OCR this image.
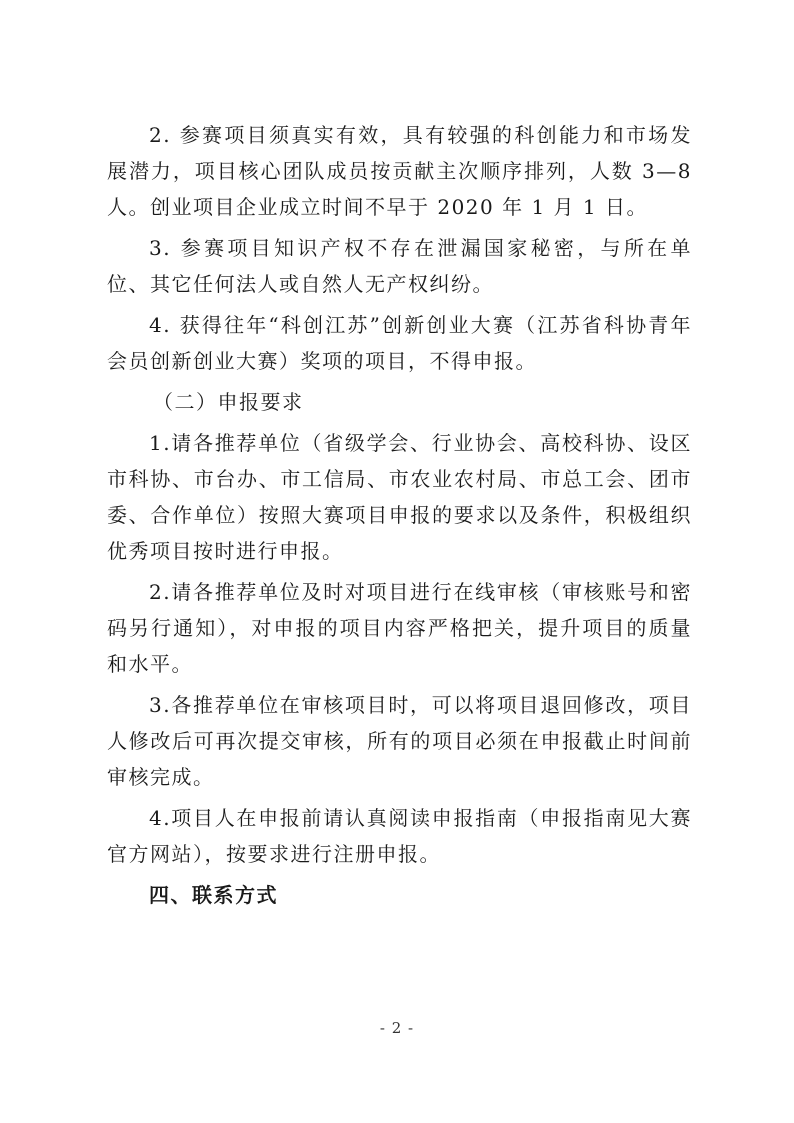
2. 参赛项目须真实有效，具有较强的科创能力和市场发展潜力，项目核心团队成员按贡献主次顺序排列，人数 3—8 人。创业项目企业成立时间不早于 2020 年 1 月 1 日。

3. 参赛项目知识产权不存在泄漏国家秘密，与所在单位、其它任何法人或自然人无产权纠纷。

4. 获得往年“科创江苏”创新创业大赛（江苏省科协青年会员创新创业大赛）奖项的项目，不得申报。

（二）申报要求

1.请各推荐单位（省级学会、行业协会、高校科协、设区市科协、市台办、市工信局、市农业农村局、市总工会、团市委、合作单位）按照大赛项目申报的要求以及条件，积极组织优秀项目按时进行申报。

2.请各推荐单位及时对项目进行在线审核（审核账号和密码另行通知），对申报的项目内容严格把关，提升项目的质量和水平。

3.各推荐单位在审核项目时，可以将项目退回修改，项目人修改后可再次提交审核，所有的项目必须在申报截止时间前审核完成。

4.项目人在申报前请认真阅读申报指南（申报指南见大赛官方网站），按要求进行注册申报。

四、联系方式
- 2 -
